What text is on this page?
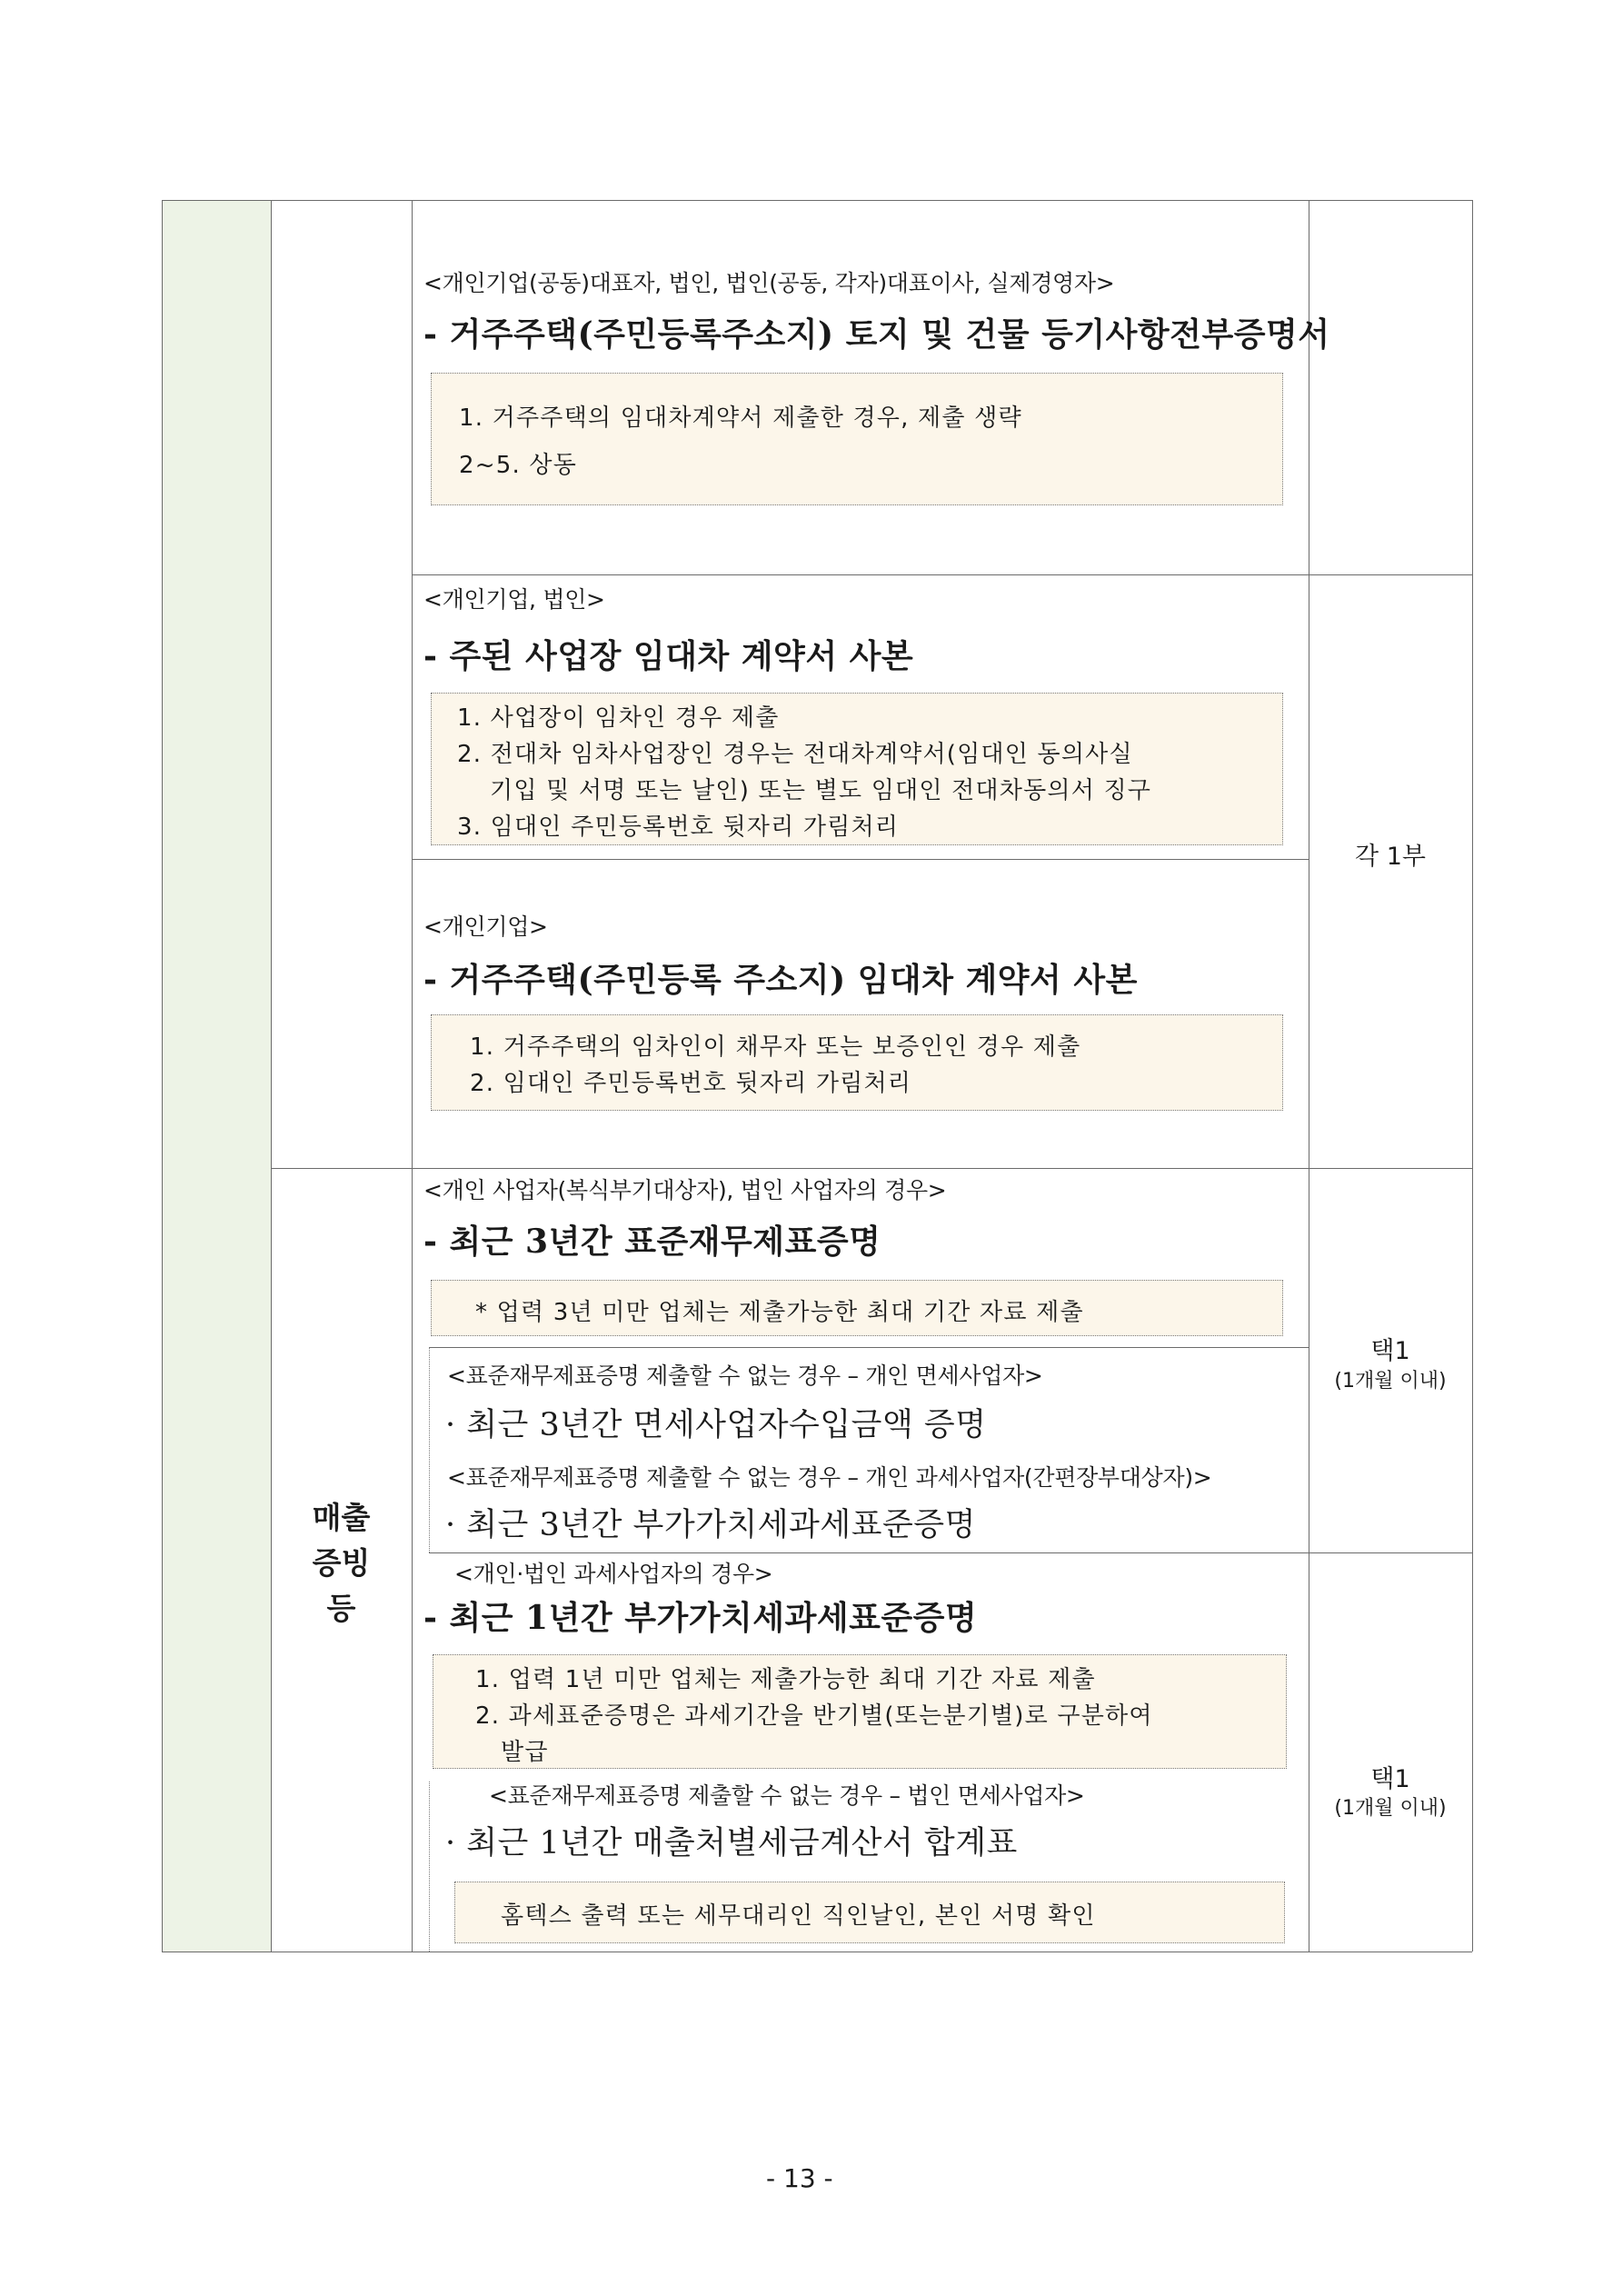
<개인기업(공동)대표자, 법인, 법인(공동, 각자)대표이사, 실제경영자>
- 거주주택(주민등록주소지) 토지 및 건물 등기사항전부증명서
1. 거주주택의 임대차계약서 제출한 경우, 제출 생략
2~5. 상동
<개인기업, 법인>
- 주된 사업장 임대차 계약서 사본
1. 사업장이 임차인 경우 제출
2. 전대차 임차사업장인 경우는 전대차계약서(임대인 동의사실
기입 및 서명 또는 날인) 또는 별도 임대인 전대차동의서 징구
3. 임대인 주민등록번호 뒷자리 가림처리
각 1부
<개인기업>
- 거주주택(주민등록 주소지) 임대차 계약서 사본
1. 거주주택의 임차인이 채무자 또는 보증인인 경우 제출
2. 임대인 주민등록번호 뒷자리 가림처리
매출
증빙
등
<개인 사업자(복식부기대상자), 법인 사업자의 경우>
- 최근 3년간 표준재무제표증명
* 업력 3년 미만 업체는 제출가능한 최대 기간 자료 제출
<표준재무제표증명 제출할 수 없는 경우 – 개인 면세사업자>
· 최근 3년간 면세사업자수입금액 증명
<표준재무제표증명 제출할 수 없는 경우 – 개인 과세사업자(간편장부대상자)>
· 최근 3년간 부가가치세과세표준증명
택1
(1개월 이내)
<개인·법인 과세사업자의 경우>
- 최근 1년간 부가가치세과세표준증명
1. 업력 1년 미만 업체는 제출가능한 최대 기간 자료 제출
2. 과세표준증명은 과세기간을 반기별(또는분기별)로 구분하여
발급
<표준재무제표증명 제출할 수 없는 경우 – 법인 면세사업자>
· 최근 1년간 매출처별세금계산서 합계표
홈텍스 출력 또는 세무대리인 직인날인, 본인 서명 확인
택1
(1개월 이내)
- 13 -
